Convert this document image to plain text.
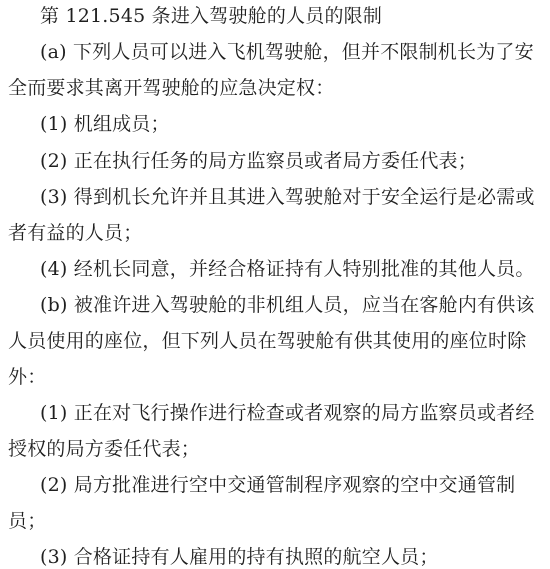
第 121.545 条进入驾驶舱的人员的限制
(a) 下列人员可以进入飞机驾驶舱，但并不限制机长为了安
全而要求其离开驾驶舱的应急决定权：
(1) 机组成员；
(2) 正在执行任务的局方监察员或者局方委任代表；
(3) 得到机长允许并且其进入驾驶舱对于安全运行是必需或
者有益的人员；
(4) 经机长同意，并经合格证持有人特别批准的其他人员。
(b) 被准许进入驾驶舱的非机组人员，应当在客舱内有供该
人员使用的座位，但下列人员在驾驶舱有供其使用的座位时除
外：
(1) 正在对飞行操作进行检查或者观察的局方监察员或者经
授权的局方委任代表；
(2) 局方批准进行空中交通管制程序观察的空中交通管制
员；
(3) 合格证持有人雇用的持有执照的航空人员；
